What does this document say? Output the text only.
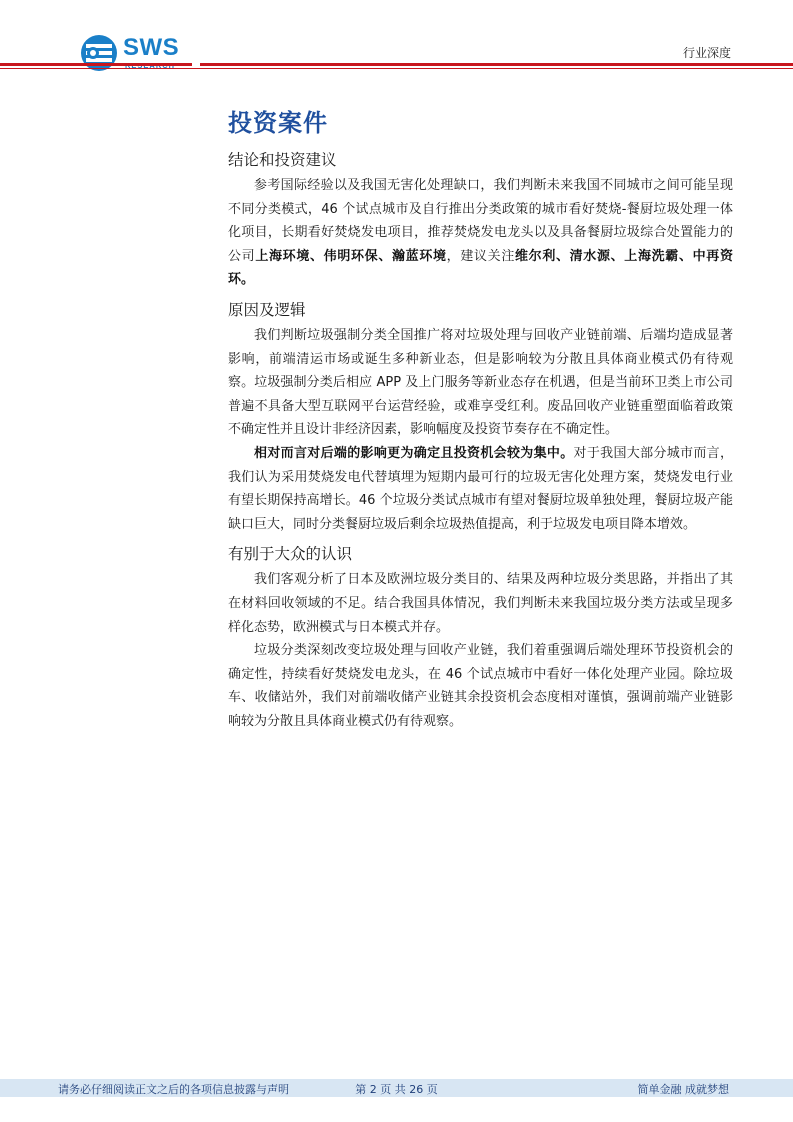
SWS	行业深度
投资案件
结论和投资建议

参考国际经验以及我国无害化处理缺口，我们判断未来我国不同城市之间可能呈现不同分类模式，46 个试点城市及自行推出分类政策的城市看好焚烧-餐厨垃圾处理一体化项目，长期看好焚烧发电项目，推荐焚烧发电龙头以及具备餐厨垃圾综合处置能力的公司上海环境、伟明环保、瀚蓝环境，建议关注维尔利、清水源、上海洗霸、中再资环。

原因及逻辑

我们判断垃圾强制分类全国推广将对垃圾处理与回收产业链前端、后端均造成显著影响，前端清运市场或诞生多种新业态，但是影响较为分散且具体商业模式仍有待观察。垃圾强制分类后相应 APP 及上门服务等新业态存在机遇，但是当前环卫类上市公司普遍不具备大型互联网平台运营经验，或难享受红利。废品回收产业链重塑面临着政策不确定性并且设计非经济因素，影响幅度及投资节奏存在不确定性。

相对而言对后端的影响更为确定且投资机会较为集中。对于我国大部分城市而言，我们认为采用焚烧发电代替填埋为短期内最可行的垃圾无害化处理方案，焚烧发电行业有望长期保持高增长。46 个垃圾分类试点城市有望对餐厨垃圾单独处理，餐厨垃圾产能缺口巨大，同时分类餐厨垃圾后剩余垃圾热值提高，利于垃圾发电项目降本增效。

有别于大众的认识

我们客观分析了日本及欧洲垃圾分类目的、结果及两种垃圾分类思路，并指出了其在材料回收领域的不足。结合我国具体情况，我们判断未来我国垃圾分类方法或呈现多样化态势，欧洲模式与日本模式并存。

垃圾分类深刻改变垃圾处理与回收产业链，我们着重强调后端处理环节投资机会的确定性，持续看好焚烧发电龙头，在 46 个试点城市中看好一体化处理产业园。除垃圾车、收储站外，我们对前端收储产业链其余投资机会态度相对谨慎，强调前端产业链影响较为分散且具体商业模式仍有待观察。

请务必仔细阅读正文之后的各项信息披露与声明	第 2 页 共 26 页	简单金融 成就梦想
